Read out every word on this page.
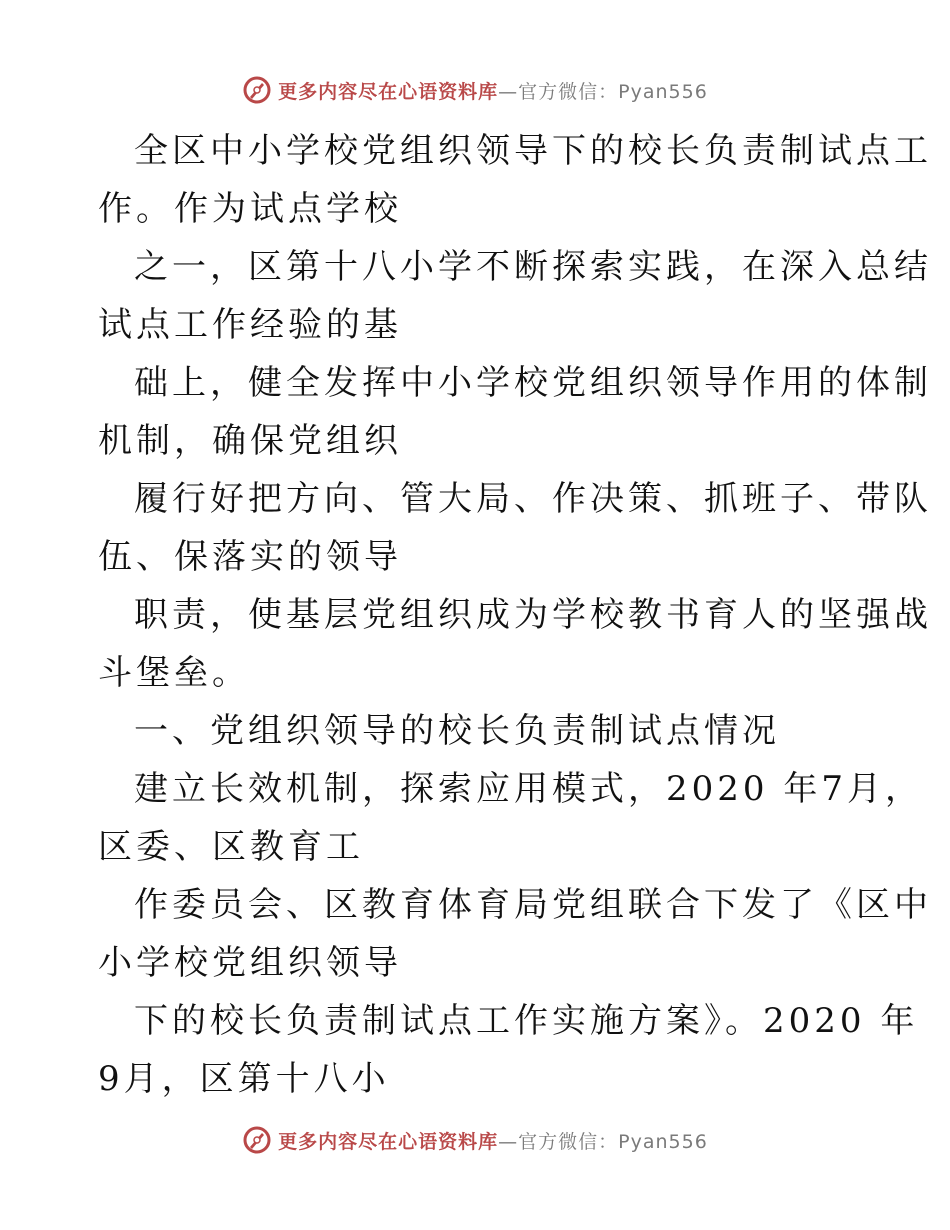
更多内容尽在心语资料库—官方微信：Pyan556
全区中小学校党组织领导下的校长负责制试点工
作。作为试点学校
之一，区第十八小学不断探索实践，在深入总结
试点工作经验的基
础上，健全发挥中小学校党组织领导作用的体制
机制，确保党组织
履行好把方向、管大局、作决策、抓班子、带队
伍、保落实的领导
职责，使基层党组织成为学校教书育人的坚强战
斗堡垒。
一、党组织领导的校长负责制试点情况
建立长效机制，探索应用模式，2020 年7月，
区委、区教育工
作委员会、区教育体育局党组联合下发了《区中
小学校党组织领导
下的校长负责制试点工作实施方案》。2020 年
9月，区第十八小
更多内容尽在心语资料库—官方微信：Pyan556
